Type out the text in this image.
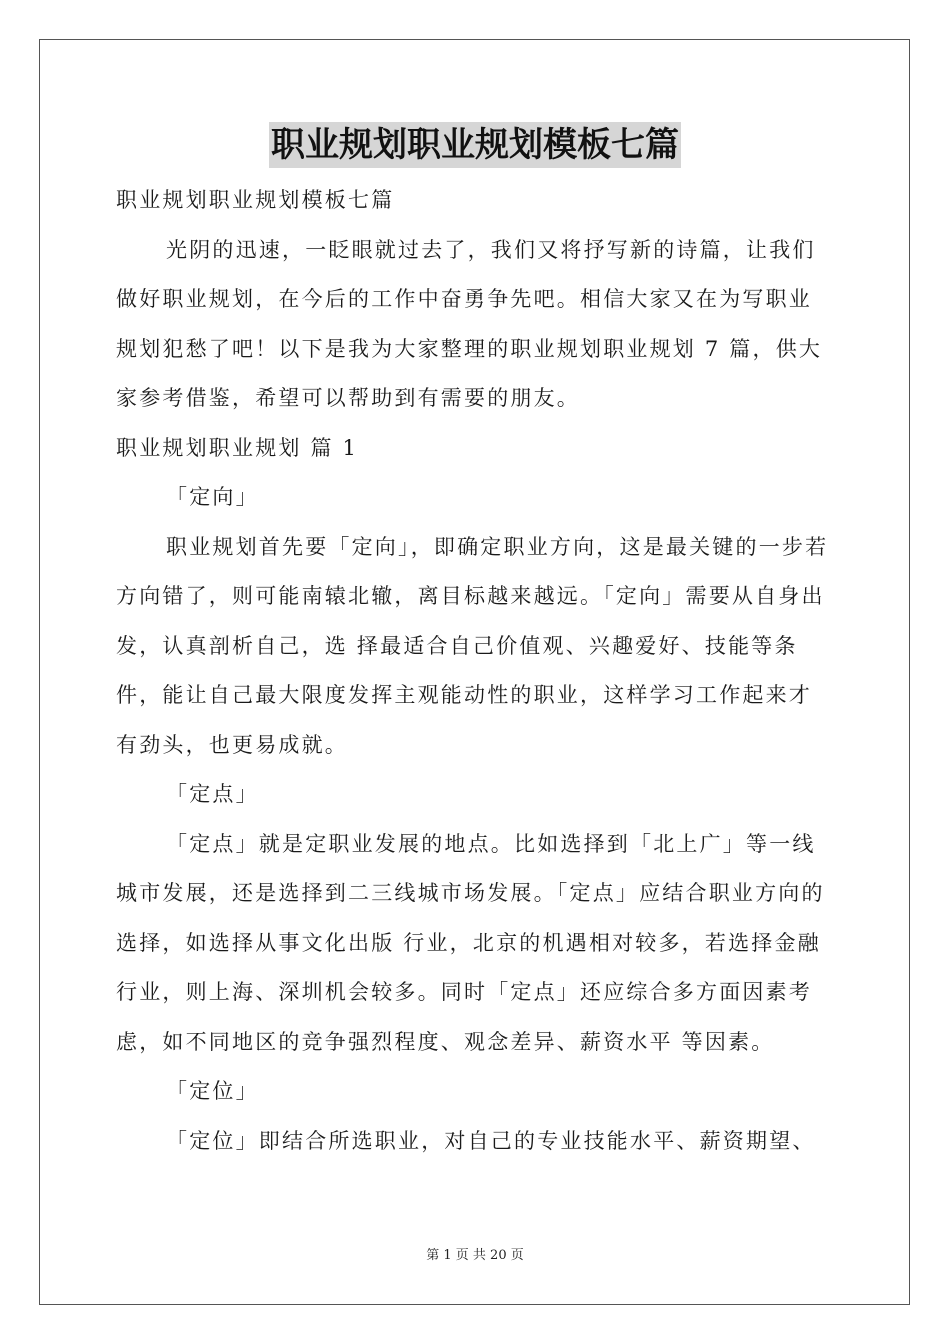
职业规划职业规划模板七篇

职业规划职业规划模板七篇

光阴的迅速，一眨眼就过去了，我们又将抒写新的诗篇，让我们做好职业规划，在今后的工作中奋勇争先吧。相信大家又在为写职业规划犯愁了吧！以下是我为大家整理的职业规划职业规划 7 篇，供大家参考借鉴，希望可以帮助到有需要的朋友。

职业规划职业规划 篇 1

「定向」

职业规划首先要「定向」，即确定职业方向，这是最关键的一步若方向错了，则可能南辕北辙，离目标越来越远。「定向」需要从自身出发，认真剖析自己，选 择最适合自己价值观、兴趣爱好、技能等条件，能让自己最大限度发挥主观能动性的职业，这样学习工作起来才有劲头，也更易成就。

「定点」

「定点」就是定职业发展的地点。比如选择到「北上广」等一线城市发展，还是选择到二三线城市场发展。「定点」应结合职业方向的选择，如选择从事文化出版 行业，北京的机遇相对较多，若选择金融行业，则上海、深圳机会较多。同时「定点」还应综合多方面因素考虑，如不同地区的竞争强烈程度、观念差异、薪资水平 等因素。

「定位」

「定位」即结合所选职业，对自己的专业技能水平、薪资期望、

第 1 页 共 20 页
